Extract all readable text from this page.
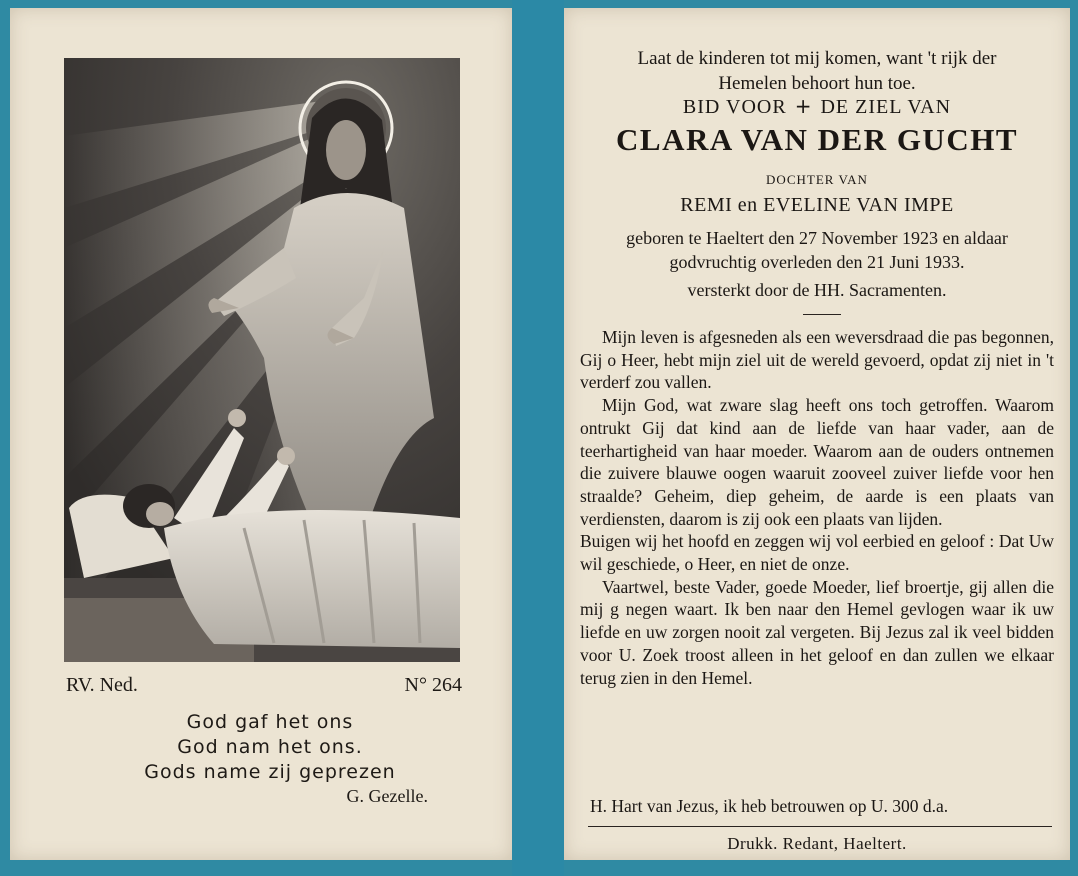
RV. Ned.	N° 264
God gaf het ons
God nam het ons.
Gods name zij geprezen
G. Gezelle.
Laat de kinderen tot mij komen, want 't rijk der
Hemelen behoort hun toe.
BID VOOR + DE ZIEL VAN
CLARA VAN DER GUCHT
DOCHTER VAN
REMI en EVELINE VAN IMPE
geboren te Haeltert den 27 November 1923 en aldaar
godvruchtig overleden den 21 Juni 1933.
versterkt door de HH. Sacramenten.

Mijn leven is afgesneden als een weversdraad die pas begonnen, Gij o Heer, hebt mijn ziel uit de wereld gevoerd, opdat zij niet in 't verderf zou vallen.

Mijn God, wat zware slag heeft ons toch getroffen. Waarom ontrukt Gij dat kind aan de liefde van haar vader, aan de teerhartigheid van haar moeder. Waarom aan de ouders ontnemen die zuivere blauwe oogen waaruit zooveel zuiver liefde voor hen straalde? Geheim, diep geheim, de aarde is een plaats van verdiensten, daarom is zij ook een plaats van lijden.

Buigen wij het hoofd en zeggen wij vol eerbied en geloof : Dat Uw wil geschiede, o Heer, en niet de onze.

Vaartwel, beste Vader, goede Moeder, lief broertje, gij allen die mij g negen waart. Ik ben naar den Hemel gevlogen waar ik uw liefde en uw zorgen nooit zal vergeten. Bij Jezus zal ik veel bidden voor U. Zoek troost alleen in het geloof en dan zullen we elkaar terug zien in den Hemel.

H. Hart van Jezus, ik heb betrouwen op U. 300 d.a.
Drukk. Redant, Haeltert.
